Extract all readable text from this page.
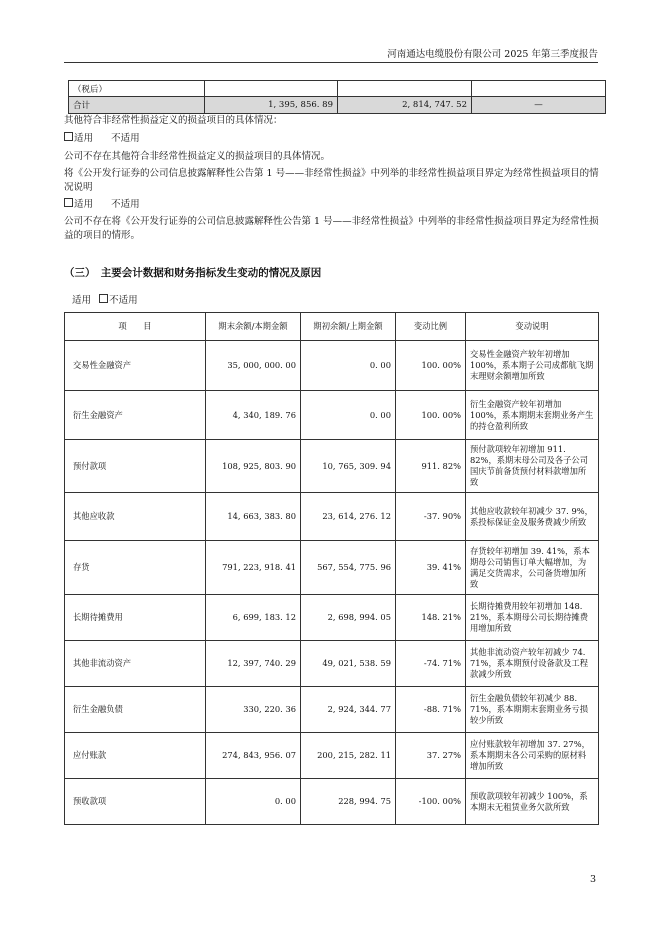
河南通达电缆股份有限公司 2025 年第三季度报告
（税后）			
合计	1, 395, 856. 89	2, 814, 747. 52	—
其他符合非经常性损益定义的损益项目的具体情况：
适用 不适用
公司不存在其他符合非经常性损益定义的损益项目的具体情况。
将《公开发行证券的公司信息披露解释性公告第 1 号——非经常性损益》中列举的非经常性损益项目界定为经常性损益项目的情况说明
适用 不适用
公司不存在将《公开发行证券的公司信息披露解释性公告第 1 号——非经常性损益》中列举的非经常性损益项目界定为经常性损益的项目的情形。
（三）　主要会计数据和财务指标发生变动的情况及原因
适用 不适用
项　　目	期末余额/本期金额	期初余额/上期金额	变动比例	变动说明
交易性金融资产	35, 000, 000. 00	0. 00	100. 00%	交易性金融资产较年初增加 100%，系本期子公司成都航飞期末理财余额增加所致
衍生金融资产	4, 340, 189. 76	0. 00	100. 00%	衍生金融资产较年初增加 100%，系本期期末套期业务产生的持仓盈利所致
预付款项	108, 925, 803. 90	10, 765, 309. 94	911. 82%	预付款项较年初增加 911. 82%，系期末母公司及各子公司国庆节前备货预付材料款增加所致
其他应收款	14, 663, 383. 80	23, 614, 276. 12	-37. 90%	其他应收款较年初减少 37. 9%，系投标保证金及服务费减少所致
存货	791, 223, 918. 41	567, 554, 775. 96	39. 41%	存货较年初增加 39. 41%，系本期母公司销售订单大幅增加，为满足交货需求，公司备货增加所致
长期待摊费用	6, 699, 183. 12	2, 698, 994. 05	148. 21%	长期待摊费用较年初增加 148. 21%，系本期母公司长期待摊费用增加所致
其他非流动资产	12, 397, 740. 29	49, 021, 538. 59	-74. 71%	其他非流动资产较年初减少 74. 71%，系本期预付设备款及工程款减少所致
衍生金融负债	330, 220. 36	2, 924, 344. 77	-88. 71%	衍生金融负债较年初减少 88. 71%，系本期期末套期业务亏损较少所致
应付账款	274, 843, 956. 07	200, 215, 282. 11	37. 27%	应付账款较年初增加 37. 27%，系本期期末各公司采购的原材料增加所致
预收款项	0. 00	228, 994. 75	-100. 00%	预收款项较年初减少 100%，系本期末无租赁业务欠款所致
3
